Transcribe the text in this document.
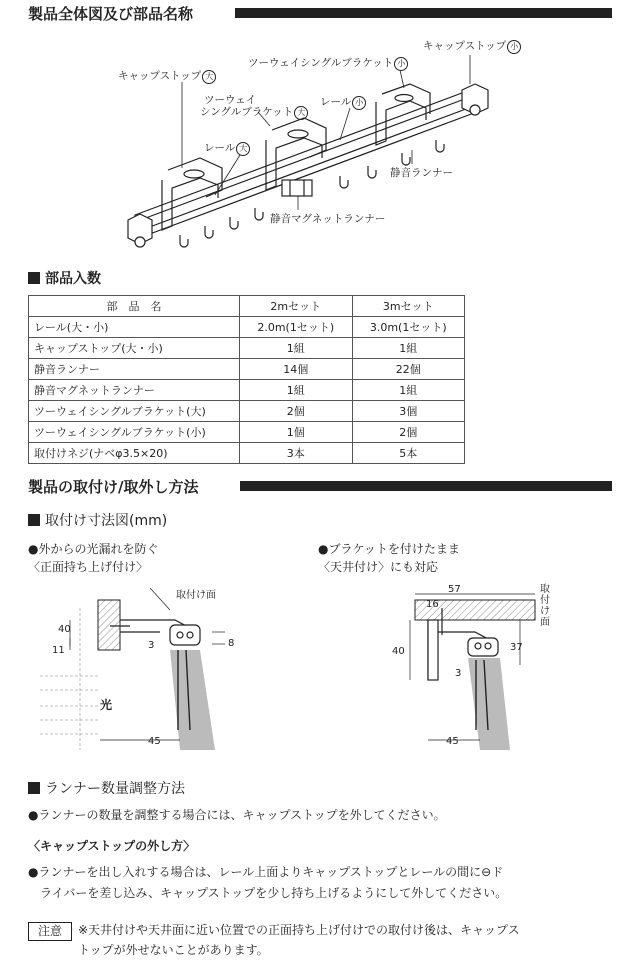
製品全体図及び部品名称
キャップストップ 大
ツーウェイシングルブラケット 小
キャップストップ 小
ツーウェイ
シングルブラケット 大
レール 小
レール 大
静音ランナー
静音マグネットランナー
部品入数
部　品　名	2mセット	3mセット
レール(大・小)	2.0m(1セット)	3.0m(1セット)
キャップストップ(大・小)	1組	1組
静音ランナー	14個	22個
静音マグネットランナー	1組	1組
ツーウェイシングルブラケット(大)	2個	3個
ツーウェイシングルブラケット(小)	1個	2個
取付けネジ(ナベφ3.5×20)	3本	5本
製品の取付け/取外し方法
取付け寸法図(mm)
●外からの光漏れを防ぐ
〈正面持ち上げ付け〉
●ブラケットを付けたまま
〈天井付け〉にも対応
取付け面
40
11	3	8
光
45
57
16
40	37
3
45
取付け面
ランナー数量調整方法
●ランナーの数量を調整する場合には、キャップストップを外してください。
〈キャップストップの外し方〉
●ランナーを出し入れする場合は、レール上面よりキャップストップとレールの間に⊖ド
　ライバーを差し込み、キャップストップを少し持ち上げるようにして外してください。
注意	※天井付けや天井面に近い位置での正面持ち上げ付けでの取付け後は、キャップス
トップが外せないことがあります。
